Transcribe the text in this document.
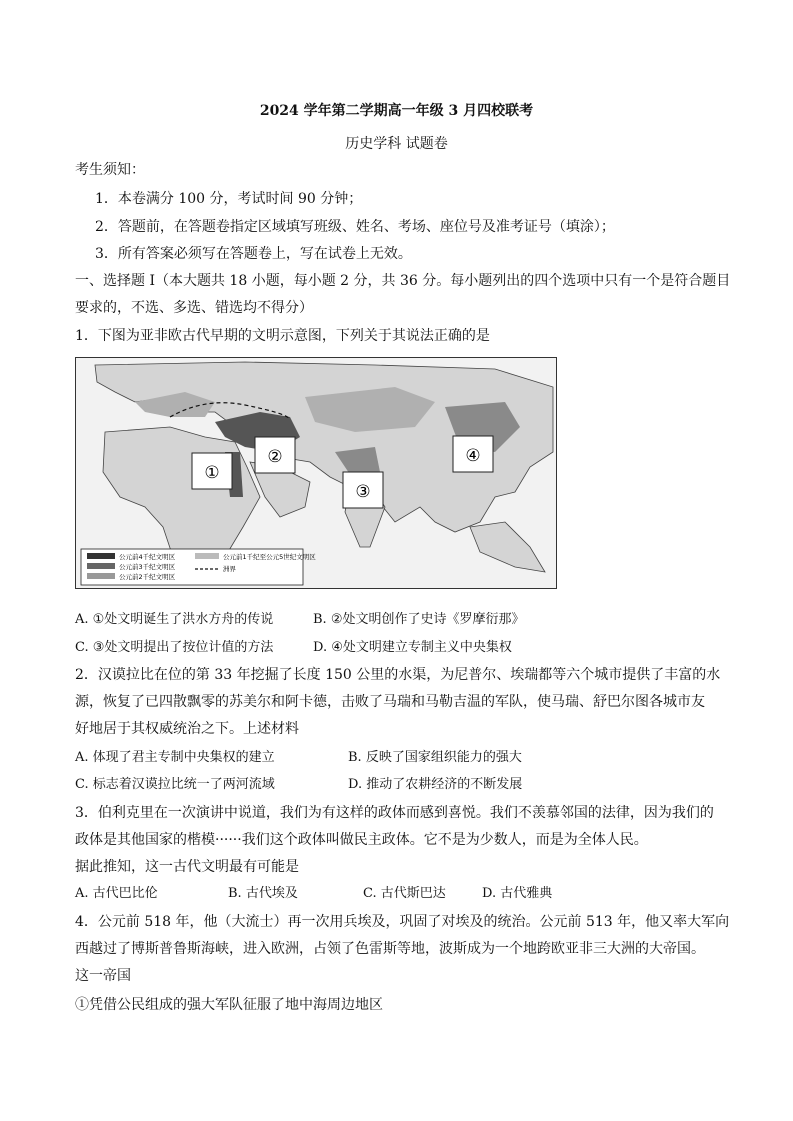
2024 学年第二学期高一年级 3 月四校联考
历史学科 试题卷
考生须知：
1．本卷满分 100 分，考试时间 90 分钟；
2．答题前，在答题卷指定区域填写班级、姓名、考场、座位号及准考证号（填涂）；
3．所有答案必须写在答题卷上，写在试卷上无效。
一、选择题 I（本大题共 18 小题，每小题 2 分，共 36 分。每小题列出的四个选项中只有一个是符合题目
要求的，不选、多选、错选均不得分）
1．下图为亚非欧古代早期的文明示意图，下列关于其说法正确的是
①
②
③
④
公元前4千纪文明区
公元前3千纪文明区
公元前2千纪文明区
公元前1千纪至公元5世纪文明区
洲界
A. ①处文明诞生了洪水方舟的传说	B. ②处文明创作了史诗《罗摩衍那》
C. ③处文明提出了按位计值的方法	D. ④处文明建立专制主义中央集权
2．汉谟拉比在位的第 33 年挖掘了长度 150 公里的水渠，为尼普尔、埃瑞都等六个城市提供了丰富的水
源，恢复了已四散飘零的苏美尔和阿卡德，击败了马瑞和马勒吉温的军队，使马瑞、舒巴尔图各城市友
好地居于其权威统治之下。上述材料
A. 体现了君主专制中央集权的建立	B. 反映了国家组织能力的强大
C. 标志着汉谟拉比统一了两河流域	D. 推动了农耕经济的不断发展
3．伯利克里在一次演讲中说道，我们为有这样的政体而感到喜悦。我们不羡慕邻国的法律，因为我们的
政体是其他国家的楷模······我们这个政体叫做民主政体。它不是为少数人，而是为全体人民。
据此推知，这一古代文明最有可能是
A. 古代巴比伦	B. 古代埃及	C. 古代斯巴达	D. 古代雅典
4．公元前 518 年，他（大流士）再一次用兵埃及，巩固了对埃及的统治。公元前 513 年，他又率大军向
西越过了博斯普鲁斯海峡，进入欧洲，占领了色雷斯等地，波斯成为一个地跨欧亚非三大洲的大帝国。
这一帝国
①凭借公民组成的强大军队征服了地中海周边地区
